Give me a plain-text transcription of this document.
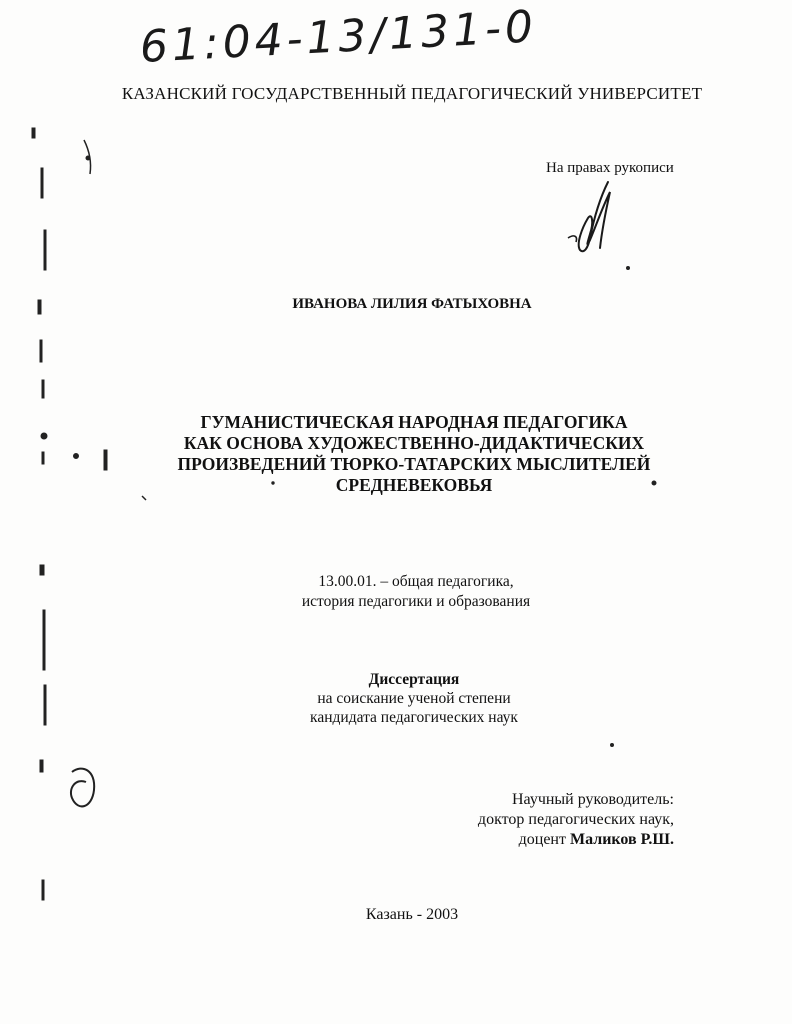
61:04-13/131-0
КАЗАНСКИЙ ГОСУДАРСТВЕННЫЙ ПЕДАГОГИЧЕСКИЙ УНИВЕРСИТЕТ
На правах рукописи
ИВАНОВА ЛИЛИЯ ФАТЫХОВНА
ГУМАНИСТИЧЕСКАЯ НАРОДНАЯ ПЕДАГОГИКА
КАК ОСНОВА ХУДОЖЕСТВЕННО-ДИДАКТИЧЕСКИХ
ПРОИЗВЕДЕНИЙ ТЮРКО-ТАТАРСКИХ МЫСЛИТЕЛЕЙ
СРЕДНЕВЕКОВЬЯ
13.00.01. – общая педагогика,
история педагогики и образования
Диссертация
на соискание ученой степени
кандидата педагогических наук
Научный руководитель:
доктор педагогических наук,
доцент Маликов Р.Ш.
Казань - 2003
